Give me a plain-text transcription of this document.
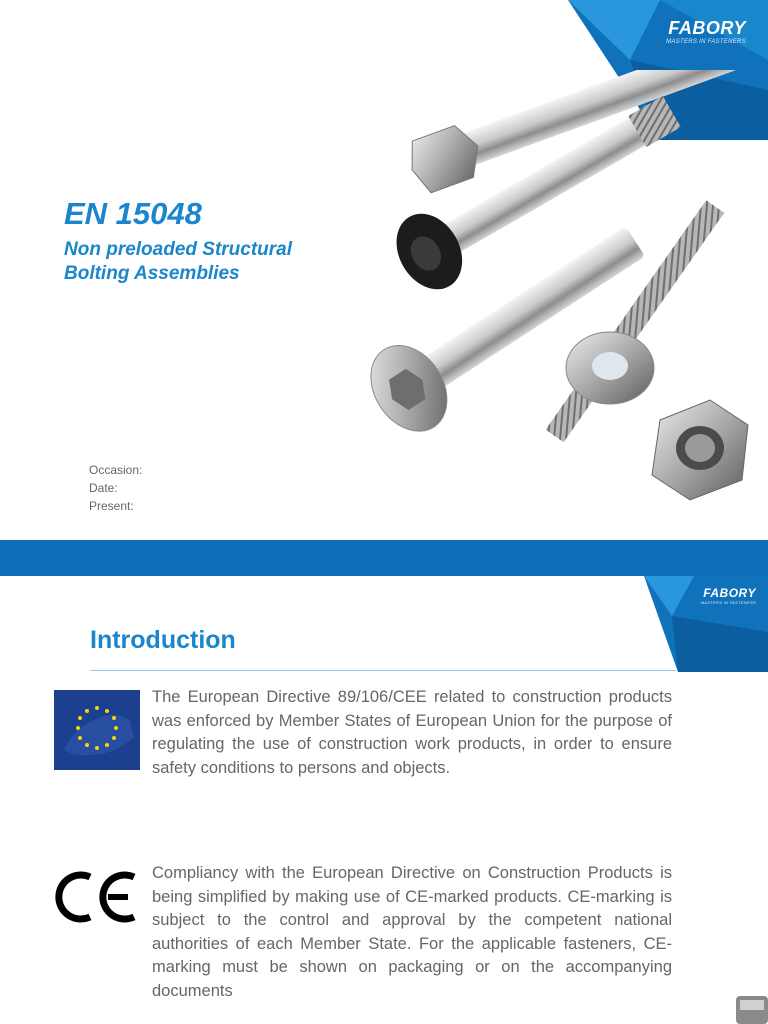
FABORY
MASTERS IN FASTENERS
EN 15048

Non preloaded Structural Bolting Assemblies

Occasion:
Date:
Present:
FABORY
MASTERS IN FASTENERS
Introduction

The European Directive 89/106/CEE related to construction products was enforced by Member States of European Union for the purpose of regulating the use of construction work products, in order to ensure safety conditions to persons and objects.

Compliancy with the European Directive on Construction Products is being simplified by making use of CE-marked products. CE-marking is subject to the control and approval by the competent national authorities of each Member State. For the applicable fasteners, CE-marking must be shown on packaging or on the accompanying documents
